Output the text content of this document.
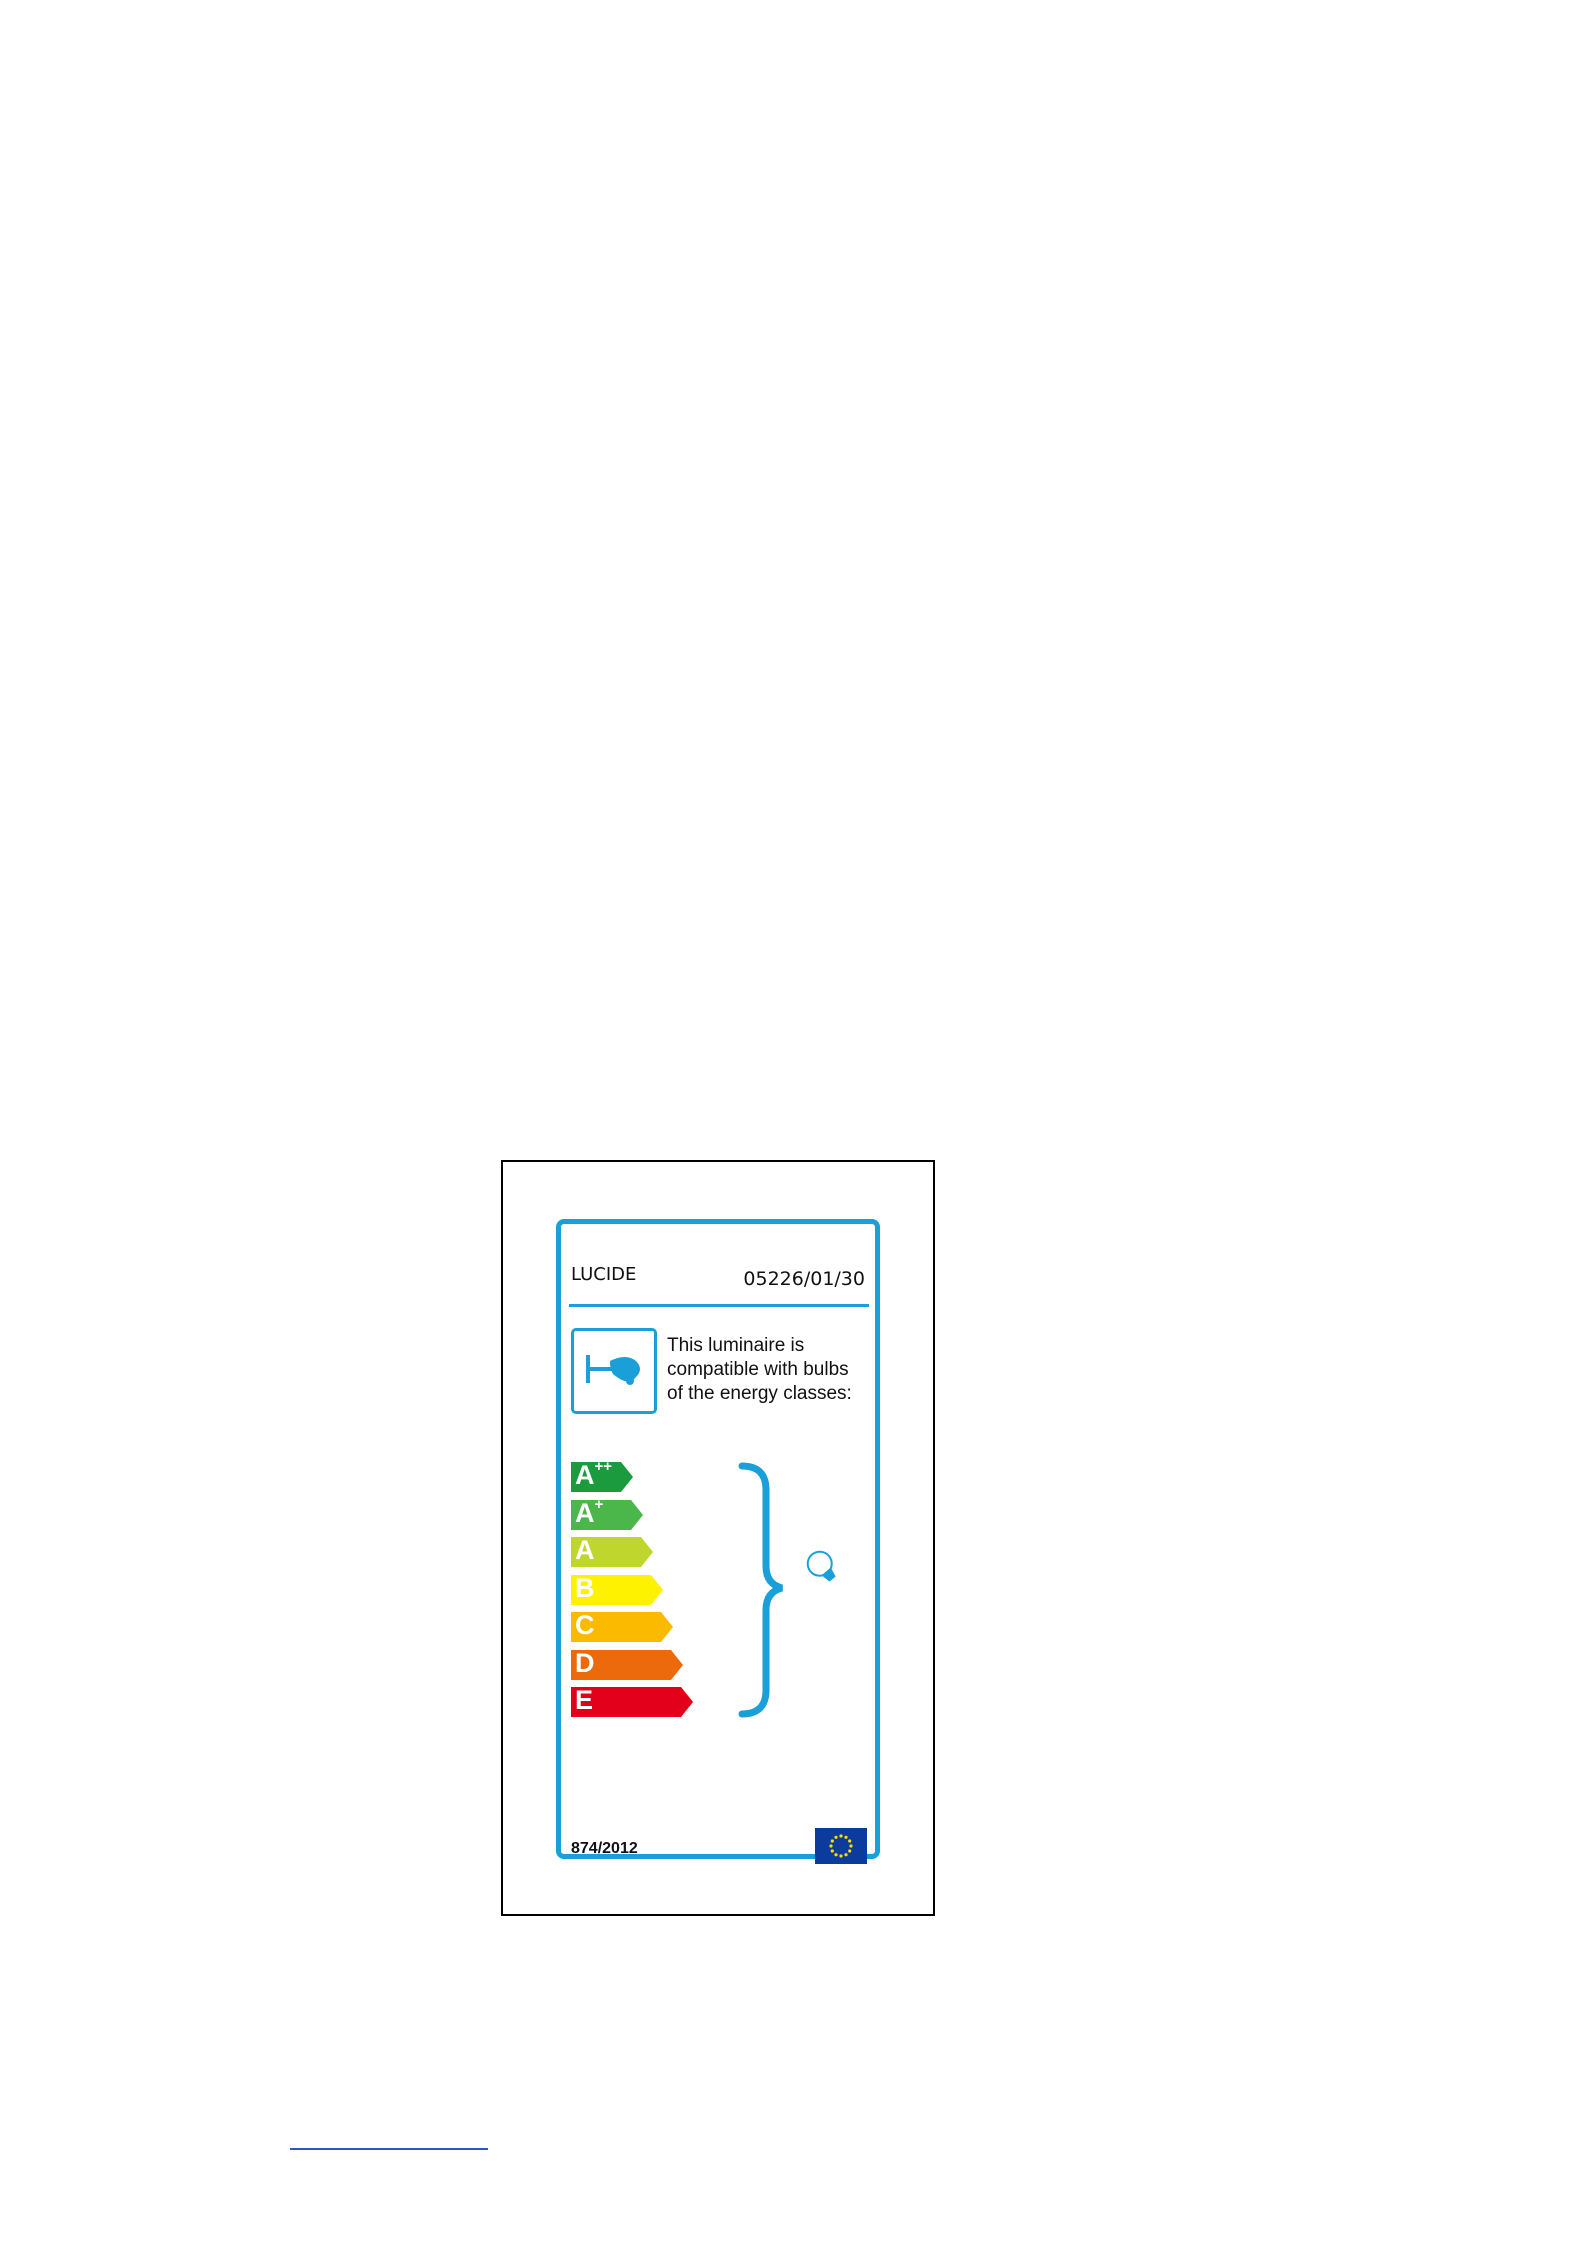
LUCIDE	05226/01/30
This luminaire is
compatible with bulbs
of the energy classes:
A++
A+
A
B
C
D
E
874/2012
